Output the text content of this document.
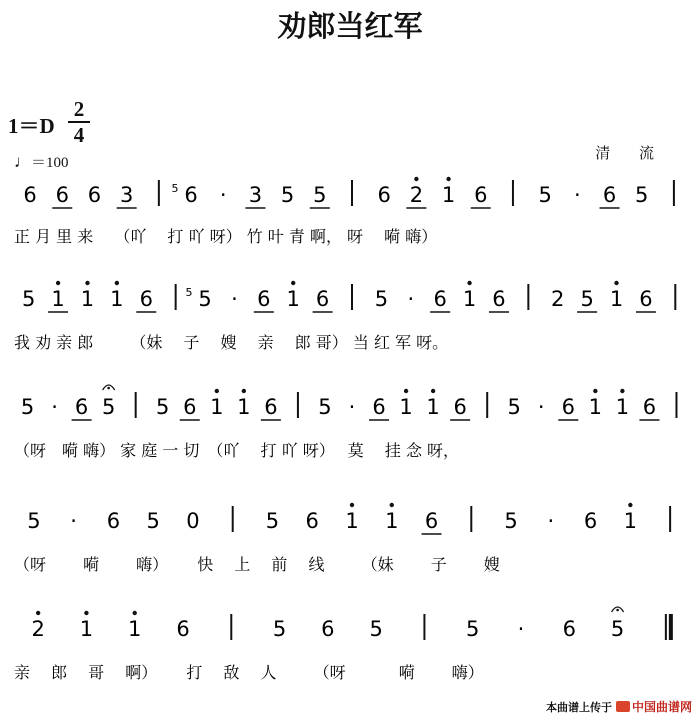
劝郎当红军
1＝D
2
4
♩＝100
清 流
6 6 6 3 6
5 · 3 5 5 6 2 1 6 5 · 6 5
正 月 里 来　 （吖　 打 吖 呀） 竹 叶 青 啊， 呀　 嗬 嗨）
5 1 1 1 6 5
5 · 6 1 6 5 · 6 1 6 2 5 1 6
我 劝 亲 郎　　 （妹　 子　 嫂　 亲　 郎 哥） 当 红 军 呀。
5 · 6 5 5 6 1 1 6 5 · 6 1 1 6 5 · 6 1 1 6
（呀　嗬 嗨） 家 庭 一 切　（吖　 打 吖 呀）　 莫　 挂 念 呀，
5 · 6 5 0	5 6 1 1 6	5 · 6 1
（呀　　 嗬　　 嗨）　　 快　 上　 前　 线　　 （妹　　 子　　 嫂
2 1 1 6	5 6 5	5 · 6 5
亲　 郎　 哥　 啊）　　 打　 敌　 人　　 （呀　　　 嗬　　 嗨）
本曲谱上传于 中国曲谱网
